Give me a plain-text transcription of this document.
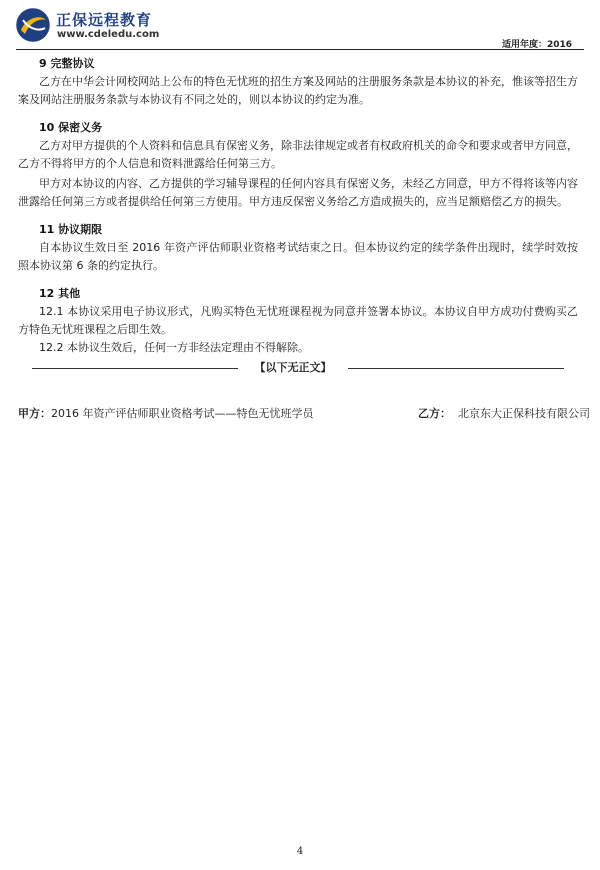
正保远程教育
www.cdeledu.com
适用年度：2016

9 完整协议

乙方在中华会计网校网站上公布的特色无忧班的招生方案及网站的注册服务条款是本协议的补充，惟该等招生方案及网站注册服务条款与本协议有不同之处的，则以本协议的约定为准。

10 保密义务

乙方对甲方提供的个人资料和信息具有保密义务，除非法律规定或者有权政府机关的命令和要求或者甲方同意，乙方不得将甲方的个人信息和资料泄露给任何第三方。

甲方对本协议的内容、乙方提供的学习辅导课程的任何内容具有保密义务，未经乙方同意，甲方不得将该等内容泄露给任何第三方或者提供给任何第三方使用。甲方违反保密义务给乙方造成损失的，应当足额赔偿乙方的损失。

11 协议期限

自本协议生效日至 2016 年资产评估师职业资格考试结束之日。但本协议约定的续学条件出现时，续学时效按照本协议第 6 条的约定执行。

12 其他

12.1 本协议采用电子协议形式，凡购买特色无忧班课程视为同意并签署本协议。本协议自甲方成功付费购买乙方特色无忧班课程之后即生效。

12.2 本协议生效后，任何一方非经法定理由不得解除。

【以下无正文】
甲方：2016 年资产评估师职业资格考试——特色无忧班学员	乙方： 北京东大正保科技有限公司
4
